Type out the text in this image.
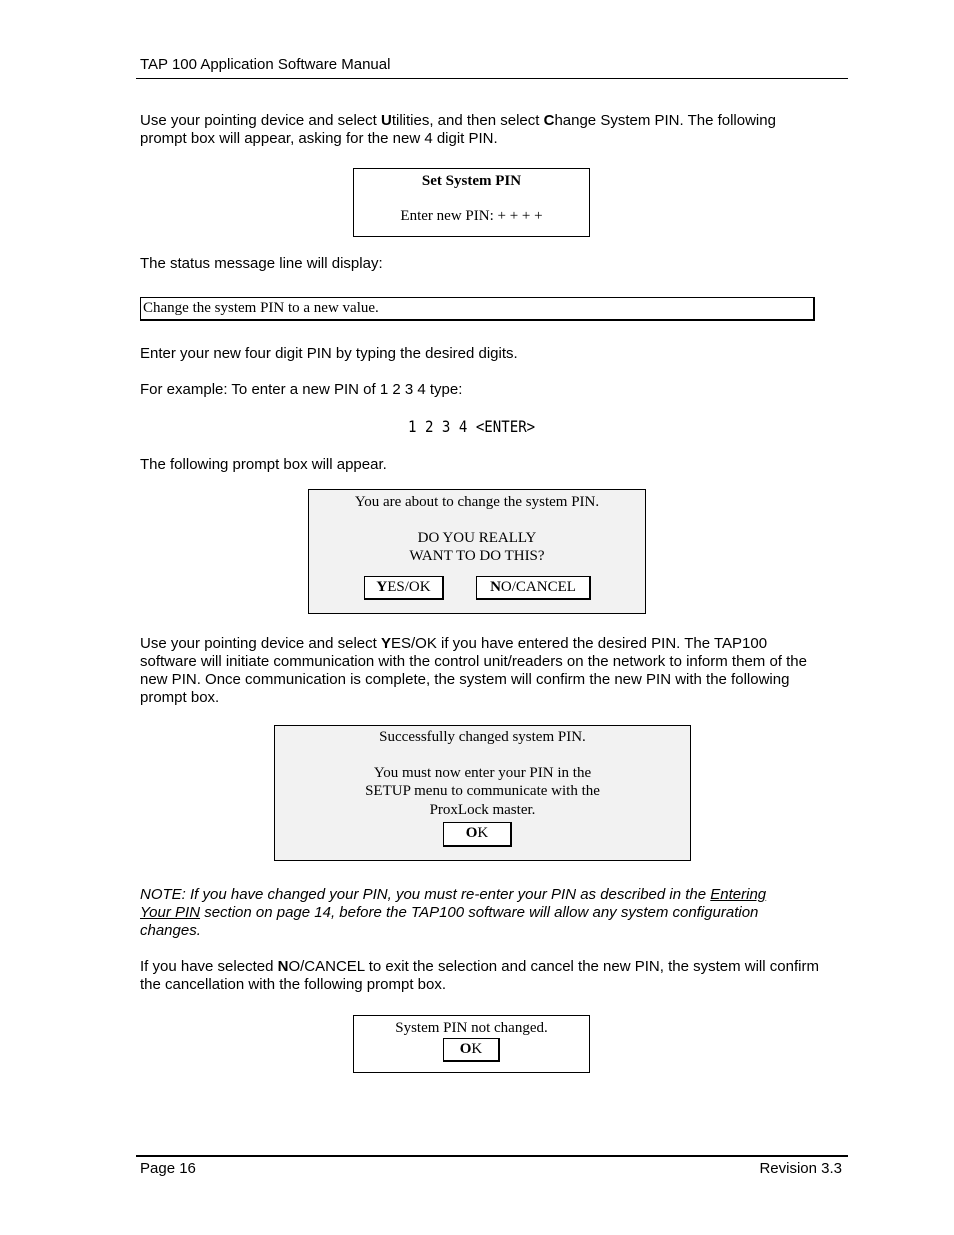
TAP 100 Application Software Manual
Use your pointing device and select Utilities, and then select Change System PIN. The following prompt box will appear, asking for the new 4 digit PIN.
Set System PIN
Enter new PIN: + + + +
The status message line will display:
Change the system PIN to a new value.
Enter your new four digit PIN by typing the desired digits.
For example: To enter a new PIN of 1 2 3 4 type:
1 2 3 4 <ENTER>
The following prompt box will appear.
You are about to change the system PIN.
DO YOU REALLY
WANT TO DO THIS?
YES/OK	NO/CANCEL
Use your pointing device and select YES/OK if you have entered the desired PIN. The TAP100 software will initiate communication with the control unit/readers on the network to inform them of the new PIN. Once communication is complete, the system will confirm the new PIN with the following prompt box.
Successfully changed system PIN.
You must now enter your PIN in the
SETUP menu to communicate with the
ProxLock master.
OK
NOTE: If you have changed your PIN, you must re-enter your PIN as described in the Entering Your PIN section on page 14, before the TAP100 software will allow any system configuration changes.
If you have selected NO/CANCEL to exit the selection and cancel the new PIN, the system will confirm the cancellation with the following prompt box.
System PIN not changed.
OK
Page 16	Revision 3.3
